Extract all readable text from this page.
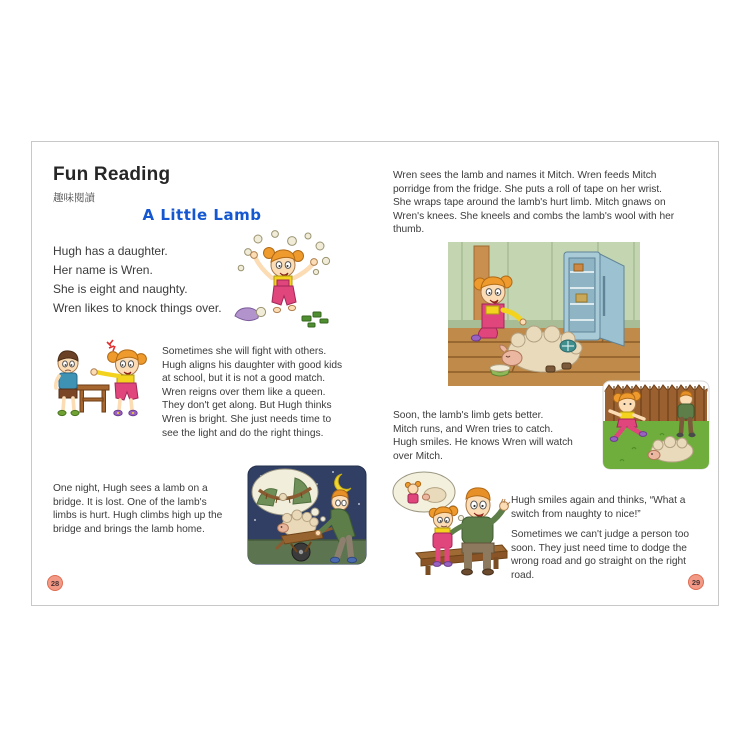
Fun Reading
趣味閱讀
A Little Lamb
Hugh has a daughter.
Her name is Wren.
She is eight and naughty.
Wren likes to knock things over.
Sometimes she will fight with others.
Hugh aligns his daughter with good kids
at school, but it is not a good match.
Wren reigns over them like a queen.
They don't get along. But Hugh thinks
Wren is bright. She just needs time to
see the light and do the right things.
One night, Hugh sees a lamb on a
bridge. It is lost. One of the lamb's
limbs is hurt. Hugh climbs high up the
bridge and brings the lamb home.
28
Wren sees the lamb and names it Mitch. Wren feeds Mitch
porridge from the fridge. She puts a roll of tape on her wrist.
She wraps tape around the lamb's hurt limb. Mitch gnaws on
Wren's knees. She kneels and combs the lamb's wool with her
thumb.
Soon, the lamb's limb gets better.
Mitch runs, and Wren tries to catch.
Hugh smiles. He knows Wren will watch
over Mitch.
Hugh smiles again and thinks, “What a
switch from naughty to nice!”
Sometimes we can't judge a person too
soon. They just need time to dodge the
wrong road and go straight on the right
road.
29
